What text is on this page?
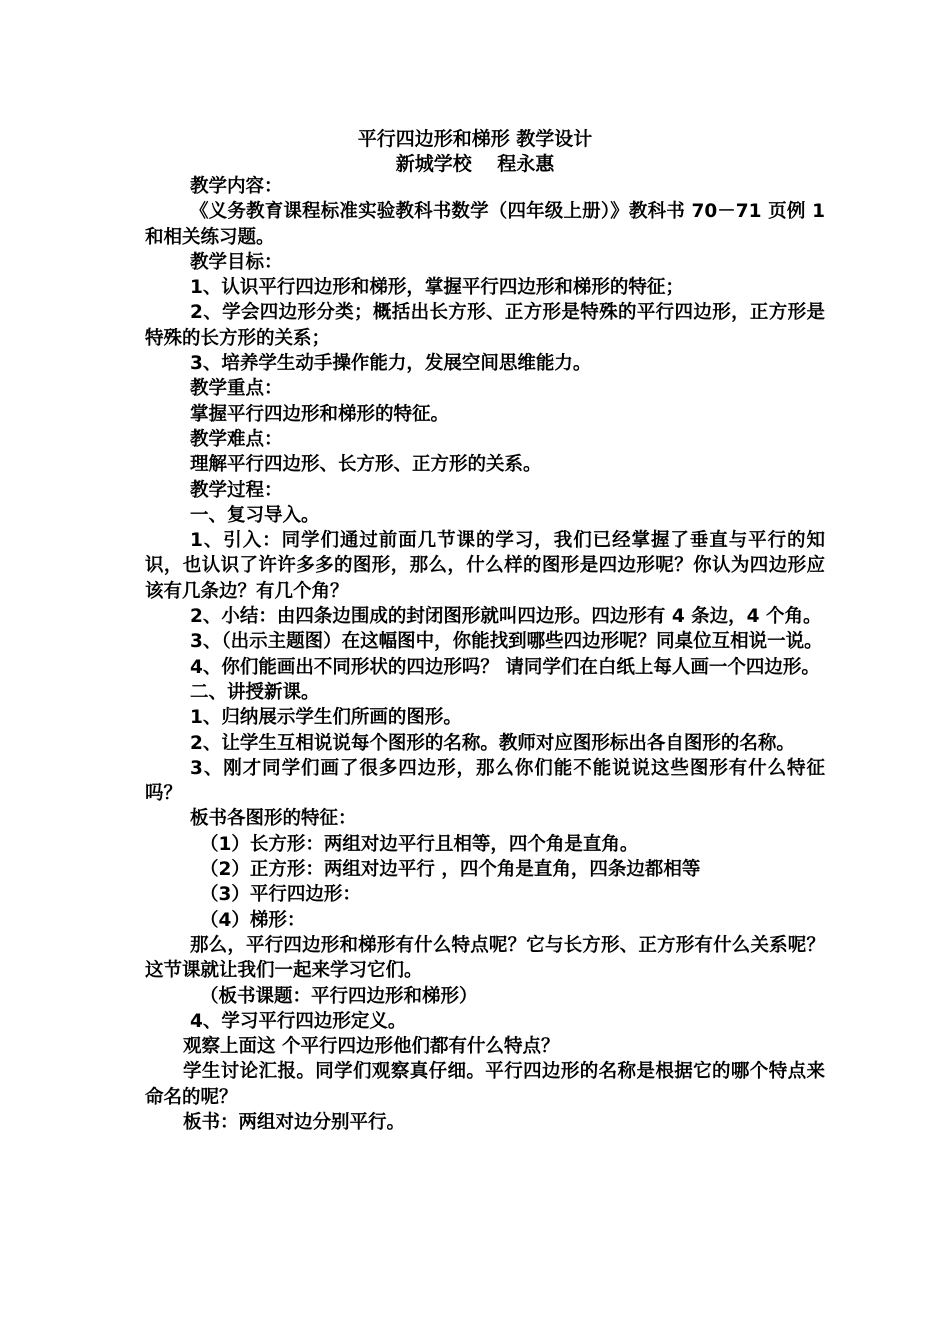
平行四边形和梯形 教学设计
新城学校　 程永惠

教学内容：

《义务教育课程标准实验教科书数学（四年级上册）》教科书 70－71 页例 1 和相关练习题。

教学目标：

1、认识平行四边形和梯形，掌握平行四边形和梯形的特征；

2、学会四边形分类；概括出长方形、正方形是特殊的平行四边形，正方形是特殊的长方形的关系；

3、培养学生动手操作能力，发展空间思维能力。

教学重点：

掌握平行四边形和梯形的特征。

教学难点：

理解平行四边形、长方形、正方形的关系。

教学过程：

一、复习导入。

1、引入：同学们通过前面几节课的学习，我们已经掌握了垂直与平行的知识，也认识了许许多多的图形，那么，什么样的图形是四边形呢？你认为四边形应该有几条边？有几个角？

2、小结：由四条边围成的封闭图形就叫四边形。四边形有 4 条边，4 个角。

3、（出示主题图）在这幅图中，你能找到哪些四边形呢？同桌位互相说一说。

4、你们能画出不同形状的四边形吗？ 请同学们在白纸上每人画一个四边形。

二、讲授新课。

1、归纳展示学生们所画的图形。

2、让学生互相说说每个图形的名称。教师对应图形标出各自图形的名称。

3、刚才同学们画了很多四边形，那么你们能不能说说这些图形有什么特征吗？

板书各图形的特征：

（1）长方形：两组对边平行且相等，四个角是直角。

（2）正方形：两组对边平行 ，四个角是直角，四条边都相等

（3）平行四边形：

（4）梯形：

那么，平行四边形和梯形有什么特点呢？它与长方形、正方形有什么关系呢？这节课就让我们一起来学习它们。

（板书课题：平行四边形和梯形）

4、学习平行四边形定义。

观察上面这 个平行四边形他们都有什么特点？

学生讨论汇报。同学们观察真仔细。平行四边形的名称是根据它的哪个特点来命名的呢？

板书：两组对边分别平行。
